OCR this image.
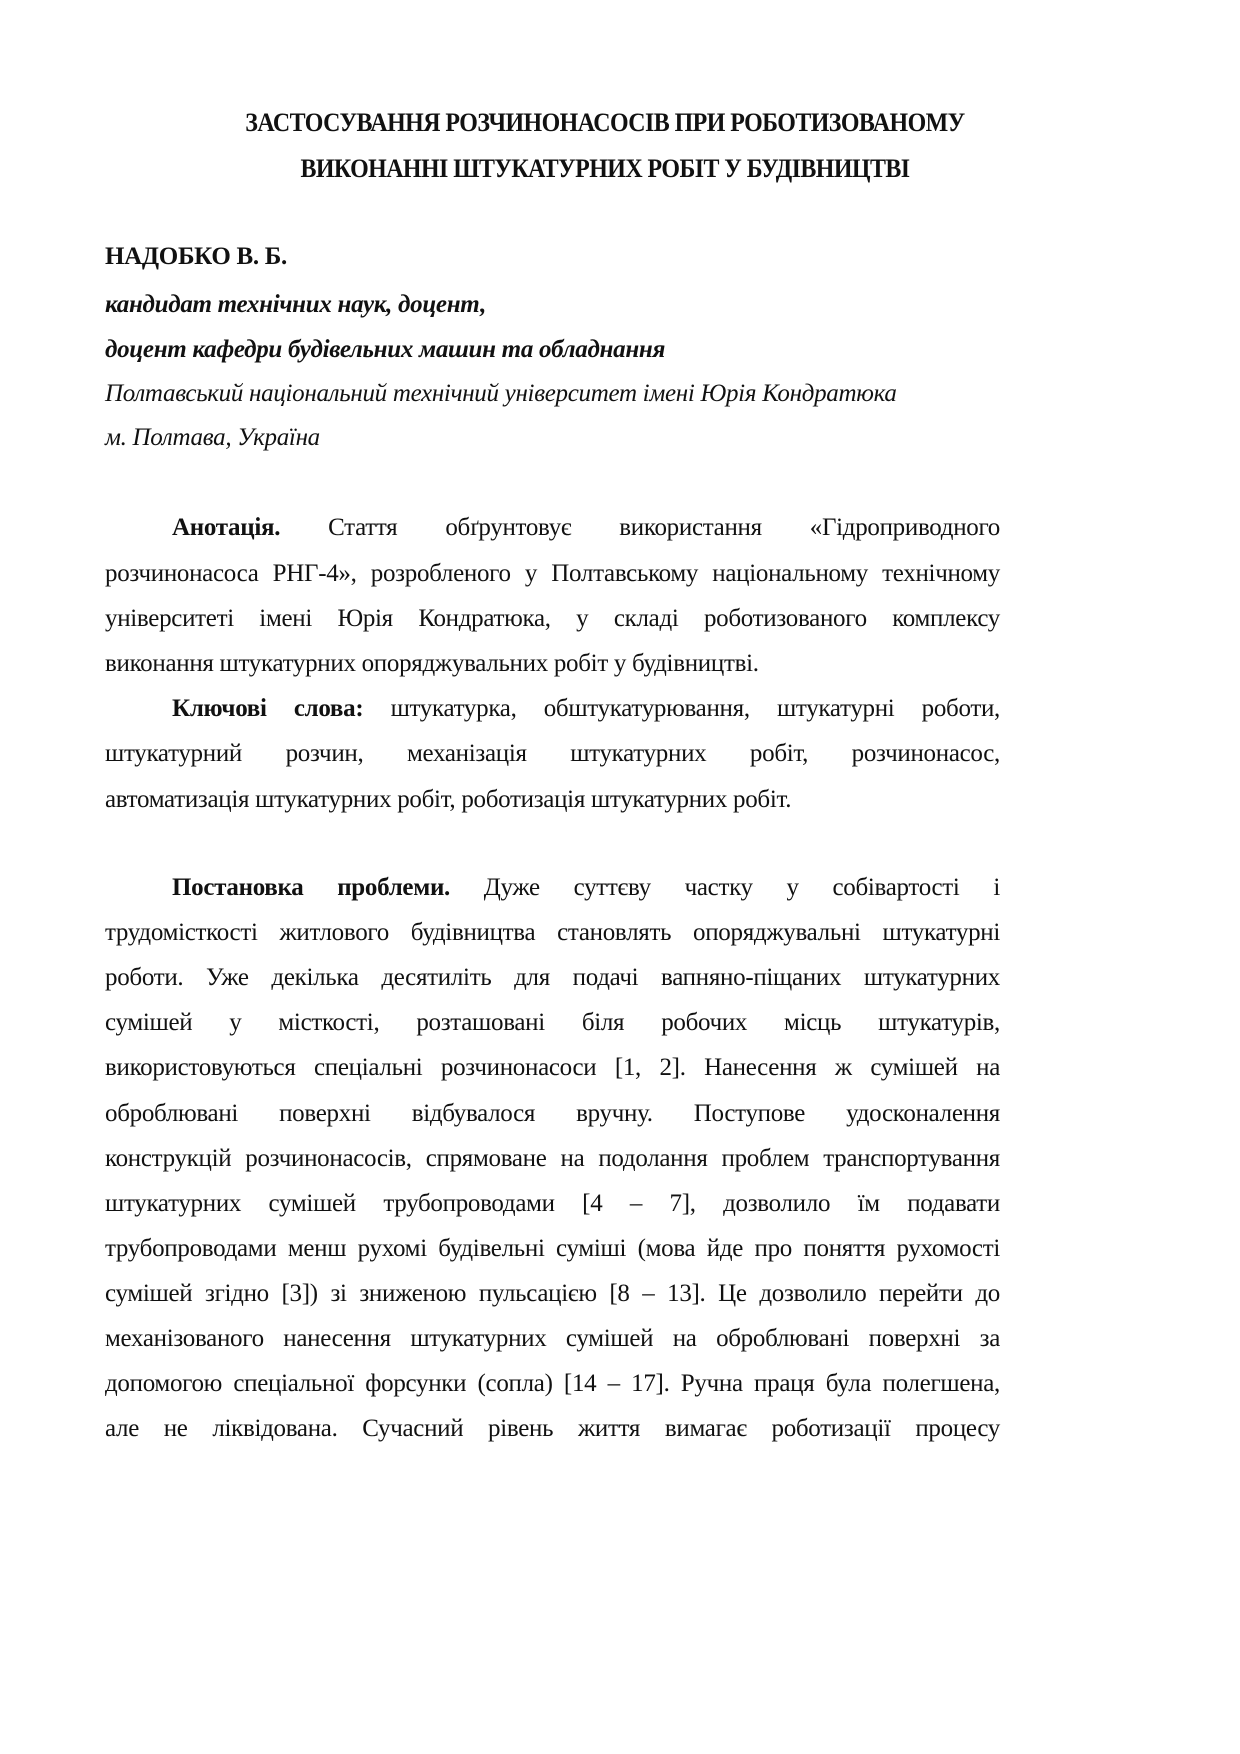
ЗАСТОСУВАННЯ РОЗЧИНОНАСОСІВ ПРИ РОБОТИЗОВАНОМУ
ВИКОНАННІ ШТУКАТУРНИХ РОБІТ У БУДІВНИЦТВІ
НАДОБКО В. Б.
кандидат технічних наук, доцент,
доцент кафедри будівельних машин та обладнання
Полтавський національний технічний університет імені Юрія Кондратюка
м. Полтава, Україна
Анотація. Стаття обґрунтовує використання «Гідроприводного
розчинонасоса РНГ-4», розробленого у Полтавському національному технічному
університеті імені Юрія Кондратюка, у складі роботизованого комплексу
виконання штукатурних опоряджувальних робіт у будівництві.
Ключові слова: штукатурка, обштукатурювання, штукатурні роботи,
штукатурний розчин, механізація штукатурних робіт, розчинонасос,
автоматизація штукатурних робіт, роботизація штукатурних робіт.
Постановка проблеми. Дуже суттєву частку у собівартості і
трудомісткості житлового будівництва становлять опоряджувальні штукатурні
роботи. Уже декілька десятиліть для подачі вапняно-піщаних штукатурних
сумішей у місткості, розташовані біля робочих місць штукатурів,
використовуються спеціальні розчинонасоси [1, 2]. Нанесення ж сумішей на
оброблювані поверхні відбувалося вручну. Поступове удосконалення
конструкцій розчинонасосів, спрямоване на подолання проблем транспортування
штукатурних сумішей трубопроводами [4 – 7], дозволило їм подавати
трубопроводами менш рухомі будівельні суміші (мова йде про поняття рухомості
сумішей згідно [3]) зі зниженою пульсацією [8 – 13]. Це дозволило перейти до
механізованого нанесення штукатурних сумішей на оброблювані поверхні за
допомогою спеціальної форсунки (сопла) [14 – 17]. Ручна праця була полегшена,
але не ліквідована. Сучасний рівень життя вимагає роботизації процесу
